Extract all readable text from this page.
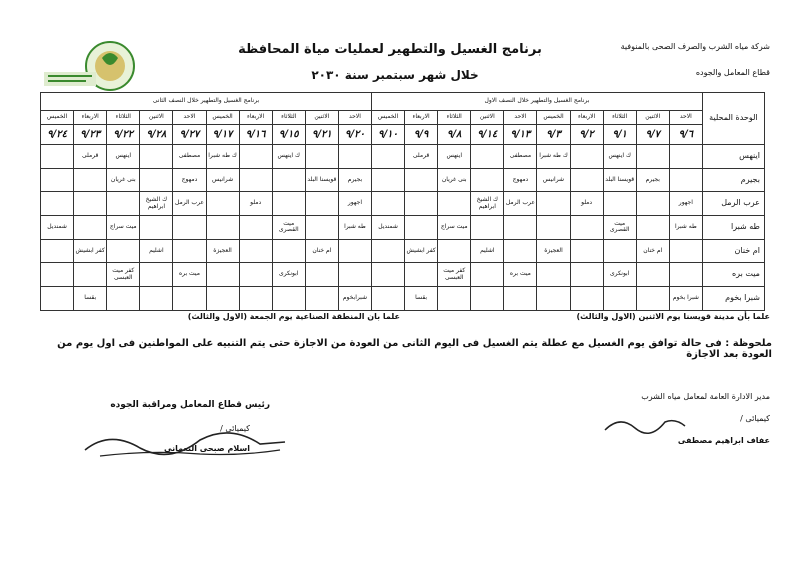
شركة مياه الشرب والصرف الصحى بالمنوفية
قطاع المعامل والجوده
برنامج الغسيل والتطهير لعمليات مياة المحافظة
خلال شهر سبتمبر سنة ٢٠٣٠
الوحدة المحلية	برنامج الغسيل والتطهير خلال النصف الاول										برنامج الغسيل والتطهير خلال النصف الثانى									
	الاحد	الاثنين	الثلاثاء	الاربعاء	الخميس	الاحد	الاثنين	الثلاثاء	الاربعاء	الخميس	الاحد	الاثنين	الثلاثاء	الاربعاء	الخميس	الاحد	الاثنين	الثلاثاء	الاربعاء	الخميس
	٩/٦	٩/٧	٩/١	٩/٢	٩/٣	٩/١٣	٩/١٤	٩/٨	٩/٩	٩/١٠	٩/٢٠	٩/٢١	٩/١٥	٩/١٦	٩/١٧	٩/٢٧	٩/٢٨	٩/٢٢	٩/٢٣	٩/٢٤
اينهس			ك اينهس		ك طه شبرا	مصطفى		اينهس	قرملى				ك اينهس		ك طه شبرا	مصطفى		اينهس	قرملى	
بجيرم		بجيرم	قويسنا البلد		شرانيس	دمهوج		بنى غريان			بجيرم	قويسنا البلد			شرانيس	دمهوج		بنى غريان		
عرب الرمل	اجهور			دملو		عرب الرمل	ك الشيخ ابراهيم				اجهور			دملو		عرب الرمل	ك الشيخ ابراهيم			
طه شبرا	طه شبرا		ميت القصرى					ميت سراج		شمنديل	طه شبرا		ميت القصرى					ميت سراج		شمنديل
ام خنان		ام خنان			العجيزة		اشليم		كفر ابشيش			ام خنان			العجيزة		اشليم		كفر ابشيش	
ميت بره			ابونكرى			ميت بره		كفر ميت العبسى					ابونكرى			ميت بره		كفر ميت العبسى		
شبرا بخوم	شبرا بخوم								بقسا		شبرابخوم								بقسا	
علما بأن مدينة قويسنا يوم الاثنين (الاول والثالث)
علما بان المنطقة الصناعية يوم الجمعة (الاول والثالث)
ملحوظة : فى حالة توافق يوم الغسيل مع عطلة يتم الغسيل فى اليوم الثانى من العودة من الاجازة حتى يتم التنبيه على المواطنين فى اول يوم من العودة بعد الاجازة
مدير الادارة العامة لمعامل مياه الشرب
كيميائى /
عفاف ابراهيم مصطفى
رئيس قطاع المعامل ومراقبة الجوده
كيميائى /
اسلام صبحى النعمانى
